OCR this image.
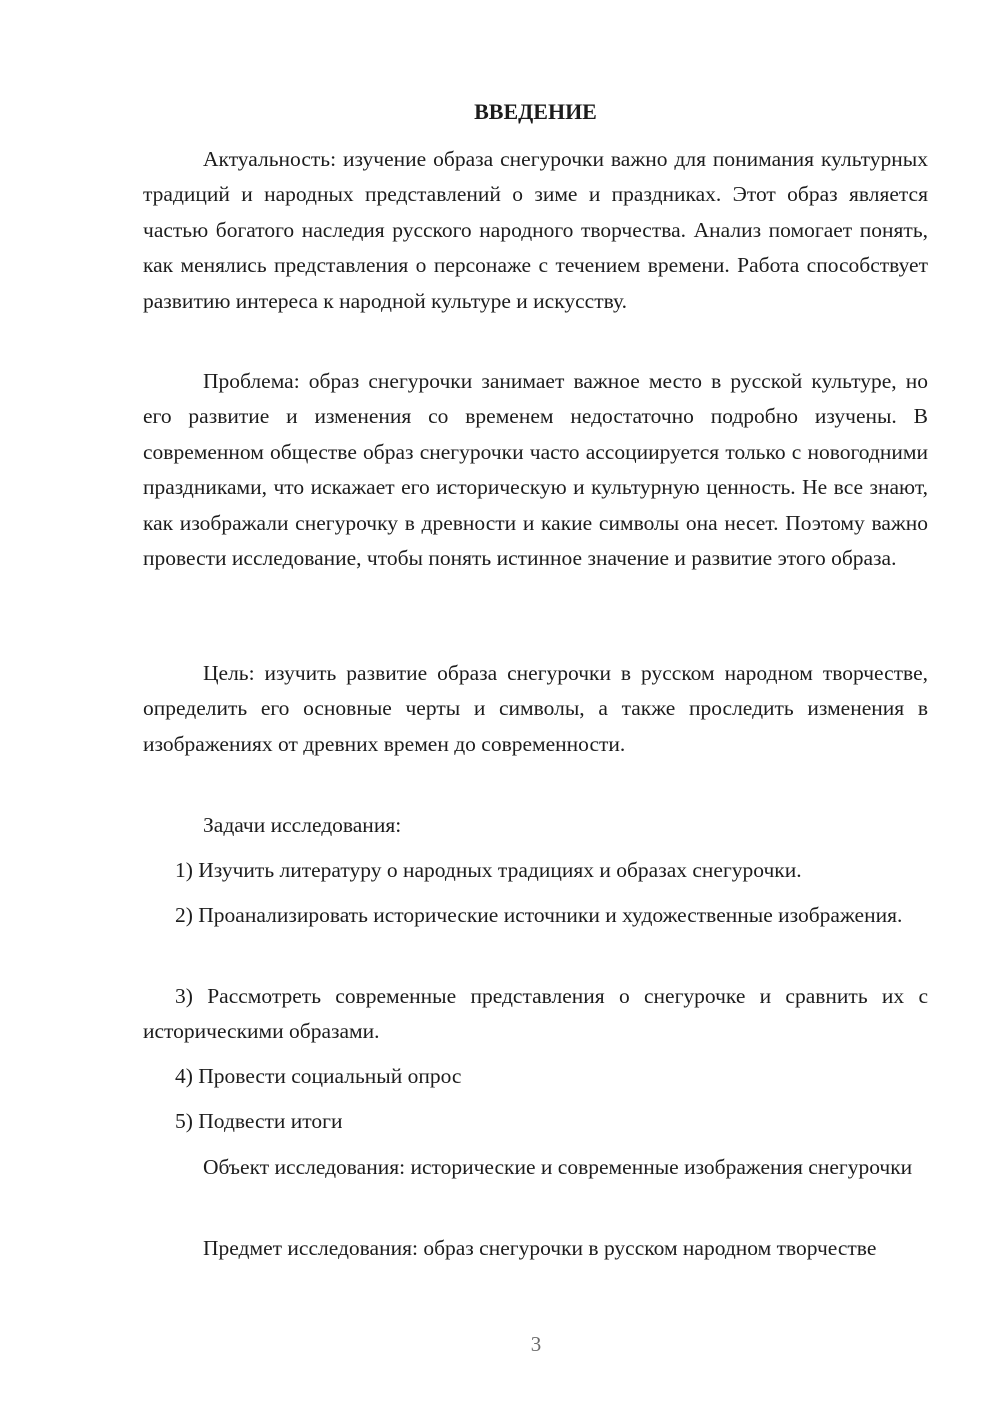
ВВЕДЕНИЕ

Актуальность: изучение образа снегурочки важно для понимания культурных традиций и народных представлений о зиме и праздниках. Этот образ является частью богатого наследия русского народного творчества. Анализ помогает понять, как менялись представления о персонаже с течением времени. Работа способствует развитию интереса к народной культуре и искусству.

Проблема: образ снегурочки занимает важное место в русской культуре, но его развитие и изменения со временем недостаточно подробно изучены. В современном обществе образ снегурочки часто ассоциируется только с новогодними праздниками, что искажает его историческую и культурную ценность. Не все знают, как изображали снегурочку в древности и какие символы она несет. Поэтому важно провести исследование, чтобы понять истинное значение и развитие этого образа.

Цель: изучить развитие образа снегурочки в русском народном творчестве, определить его основные черты и символы, а также проследить изменения в изображениях от древних времен до современности.

Задачи исследования:

1) Изучить литературу о народных традициях и образах снегурочки.

2) Проанализировать исторические источники и художественные изображения.

3) Рассмотреть современные представления о снегурочке и сравнить их с историческими образами.

4) Провести социальный опрос

5) Подвести итоги

Объект исследования: исторические и современные изображения снегурочки

Предмет исследования: образ снегурочки в русском народном творчестве

3
